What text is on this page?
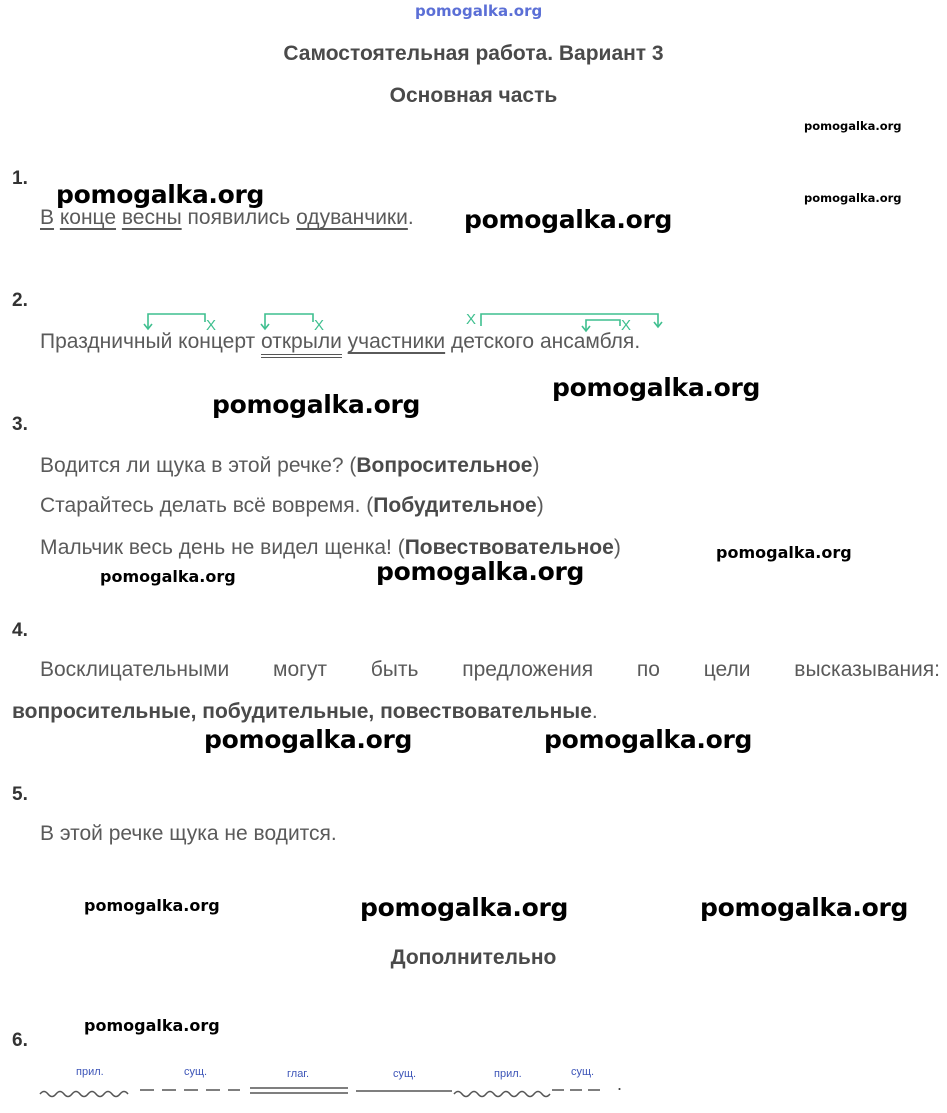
pomogalka.org
Самостоятельная работа. Вариант 3
Основная часть
pomogalka.org
pomogalka.org
1.
pomogalka.org
В конце весны появились одуванчики. pomogalka.org
2.
X	X	X	X
Праздничный концерт открыли участники детского ансамбля.
pomogalka.org
pomogalka.org
3.
Водится ли щука в этой речке? (Вопросительное)
Старайтесь делать всё вовремя. (Побудительное)
Мальчик весь день не видел щенка! (Повествовательное)	pomogalka.org
pomogalka.org	pomogalka.org
4.
Восклицательными могут быть предложения по цели высказывания:
вопросительные, побудительные, повествовательные.
pomogalka.org	pomogalka.org
5.
В этой речке щука не водится.
pomogalka.org	pomogalka.org	pomogalka.org
Дополнительно
pomogalka.org
6.
прил.	сущ.	глаг.	сущ.	прил.	сущ.
.
